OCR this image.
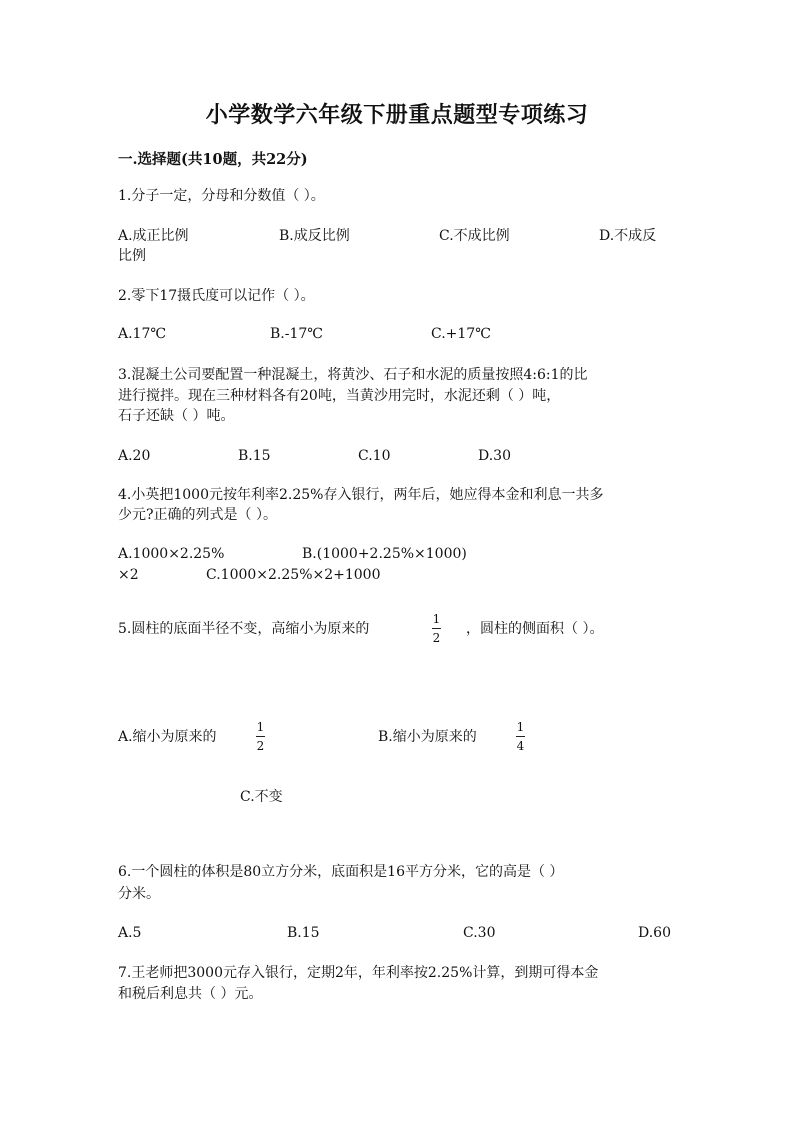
小学数学六年级下册重点题型专项练习
一.选择题(共10题，共22分)
1.分子一定，分母和分数值（ ）。
A.成正比例	B.成反比例	C.不成比例	D.不成反
比例
2.零下17摄氏度可以记作（ ）。
A.17℃	B.-17℃	C.+17℃
3.混凝土公司要配置一种混凝土，将黄沙、石子和水泥的质量按照4:6:1的比
进行搅拌。现在三种材料各有20吨，当黄沙用完时，水泥还剩（ ）吨，
石子还缺（ ）吨。
A.20	B.15	C.10	D.30
4.小英把1000元按年利率2.25%存入银行，两年后，她应得本金和利息一共多
少元?正确的列式是（ ）。
A.1000×2.25%	B.(1000+2.25%×1000)
×2	C.1000×2.25%×2+1000
5.圆柱的底面半径不变，高缩小为原来的
1
2
，圆柱的侧面积（ ）。
A.缩小为原来的
1
2
B.缩小为原来的
1
4
C.不变
6.一个圆柱的体积是80立方分米，底面积是16平方分米，它的高是（ ）
分米。
A.5	B.15	C.30	D.60
7.王老师把3000元存入银行，定期2年，年利率按2.25%计算，到期可得本金
和税后利息共（ ）元。
